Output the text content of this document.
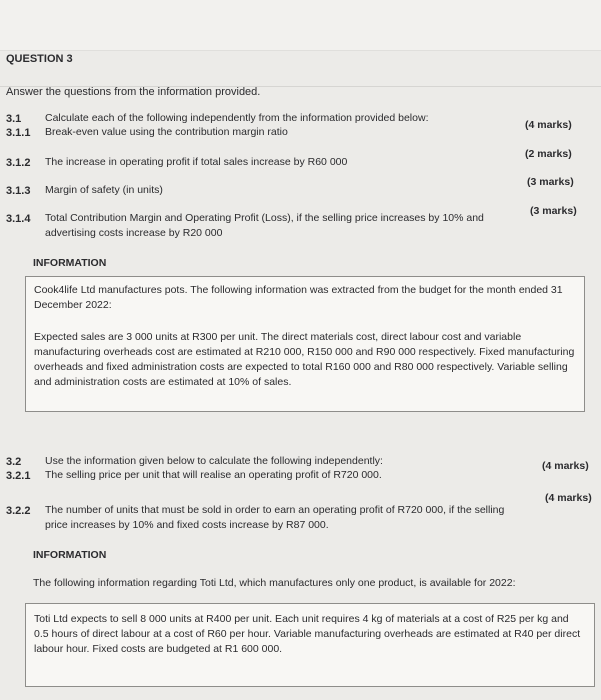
QUESTION 3
Answer the questions from the information provided.
3.1 Calculate each of the following independently from the information provided below:
3.1.1 Break-even value using the contribution margin ratio
(4 marks)
3.1.2 The increase in operating profit if total sales increase by R60 000
(2 marks)
3.1.3 Margin of safety (in units)
(3 marks)
3.1.4 Total Contribution Margin and Operating Profit (Loss), if the selling price increases by 10% and
advertising costs increase by R20 000
(3 marks)
INFORMATION

Cook4life Ltd manufactures pots. The following information was extracted from the budget for the month ended 31 December 2022:

Expected sales are 3 000 units at R300 per unit. The direct materials cost, direct labour cost and variable manufacturing overheads cost are estimated at R210 000, R150 000 and R90 000 respectively. Fixed manufacturing overheads and fixed administration costs are expected to total R160 000 and R80 000 respectively. Variable selling and administration costs are estimated at 10% of sales.

3.2 Use the information given below to calculate the following independently:
3.2.1 The selling price per unit that will realise an operating profit of R720 000.
(4 marks)
3.2.2 The number of units that must be sold in order to earn an operating profit of R720 000, if the selling
price increases by 10% and fixed costs increase by R87 000.
(4 marks)
INFORMATION
The following information regarding Toti Ltd, which manufactures only one product, is available for 2022:

Toti Ltd expects to sell 8 000 units at R400 per unit. Each unit requires 4 kg of materials at a cost of R25 per kg and 0.5 hours of direct labour at a cost of R60 per hour. Variable manufacturing overheads are estimated at R40 per direct labour hour. Fixed costs are budgeted at R1 600 000.
